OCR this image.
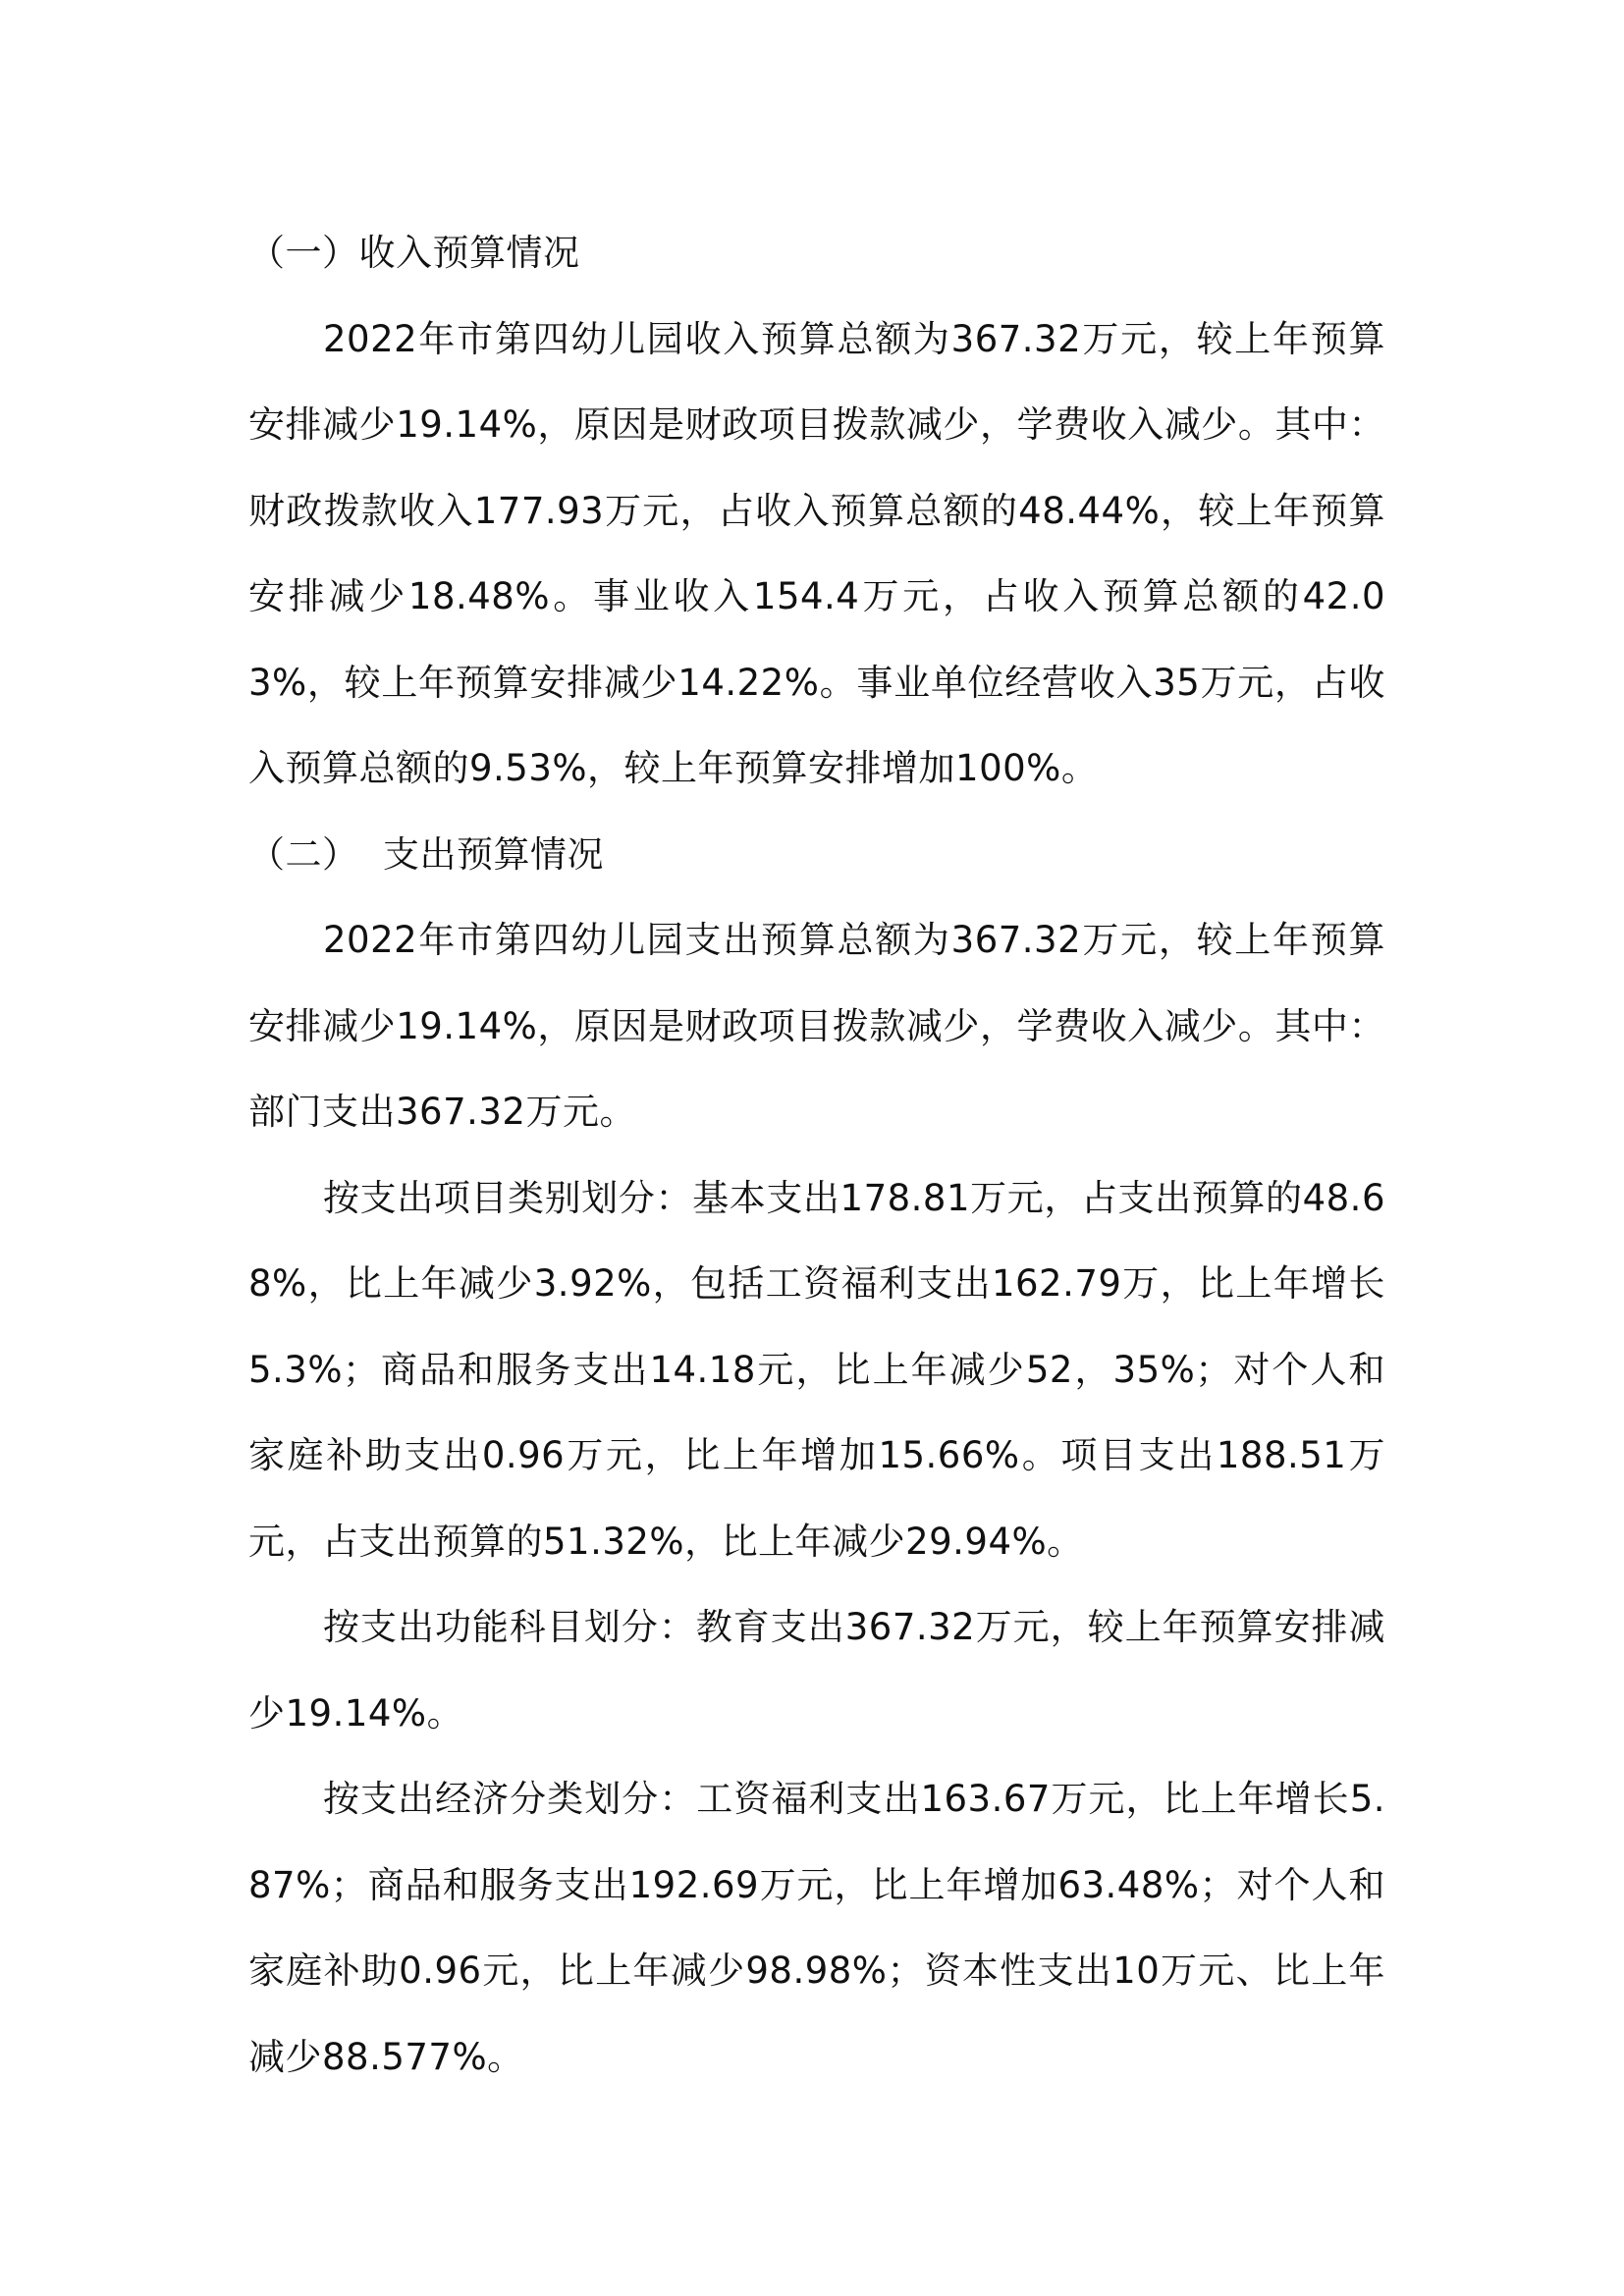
（一）收入预算情况

2022年市第四幼儿园收入预算总额为367.32万元，较上年预算安排减少19.14%，原因是财政项目拨款减少，学费收入减少。其中：财政拨款收入177.93万元，占收入预算总额的48.44%，较上年预算安排减少18.48%。事业收入154.4万元，占收入预算总额的42.03%，较上年预算安排减少14.22%。事业单位经营收入35万元，占收入预算总额的9.53%，较上年预算安排增加100%。

（二）  支出预算情况

2022年市第四幼儿园支出预算总额为367.32万元，较上年预算安排减少19.14%，原因是财政项目拨款减少，学费收入减少。其中：部门支出367.32万元。

按支出项目类别划分：基本支出178.81万元，占支出预算的48.68%，比上年减少3.92%，包括工资福利支出162.79万，比上年增长5.3%；商品和服务支出14.18元，比上年减少52，35%；对个人和家庭补助支出0.96万元，比上年增加15.66%。项目支出188.51万元，占支出预算的51.32%，比上年减少29.94%。

按支出功能科目划分：教育支出367.32万元，较上年预算安排减少19.14%。

按支出经济分类划分：工资福利支出163.67万元，比上年增长5.87%；商品和服务支出192.69万元，比上年增加63.48%；对个人和家庭补助0.96元，比上年减少98.98%；资本性支出10万元、比上年减少88.577%。
